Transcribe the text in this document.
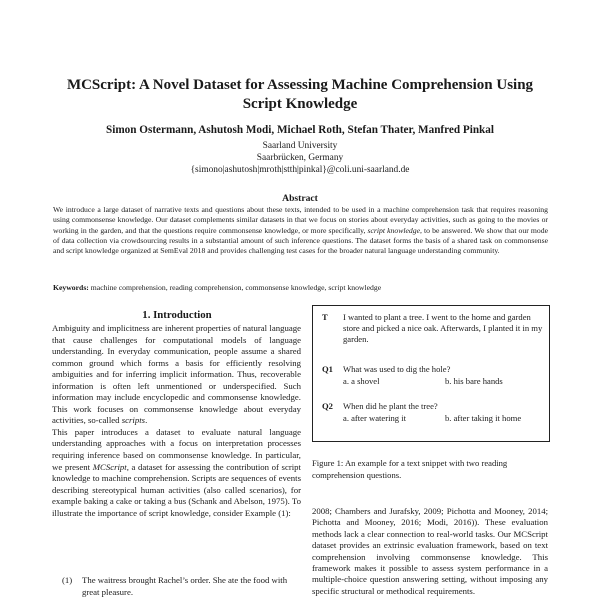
MCScript: A Novel Dataset for Assessing Machine Comprehension Using
Script Knowledge
Simon Ostermann, Ashutosh Modi, Michael Roth, Stefan Thater, Manfred Pinkal
Saarland University
Saarbrücken, Germany
{simono|ashutosh|mroth|stth|pinkal}@coli.uni-saarland.de
Abstract
We introduce a large dataset of narrative texts and questions about these texts, intended to be used in a machine comprehension task that requires reasoning using commonsense knowledge. Our dataset complements similar datasets in that we focus on stories about everyday activities, such as going to the movies or working in the garden, and that the questions require commonsense knowledge, or more specifically, script knowledge, to be answered. We show that our mode of data collection via crowdsourcing results in a substantial amount of such inference questions. The dataset forms the basis of a shared task on commonsense and script knowledge organized at SemEval 2018 and provides challenging test cases for the broader natural language understanding community.
Keywords: machine comprehension, reading comprehension, commonsense knowledge, script knowledge
1. Introduction

Ambiguity and implicitness are inherent properties of natural language that cause challenges for computational models of language understanding. In everyday communication, people assume a shared common ground which forms a basis for efficiently resolving ambiguities and for inferring implicit information. Thus, recoverable information is often left unmentioned or underspecified. Such information may include encyclopedic and commonsense knowledge. This work focuses on commonsense knowledge about everyday activities, so-called scripts.

This paper introduces a dataset to evaluate natural language understanding approaches with a focus on interpretation processes requiring inference based on commonsense knowledge. In particular, we present MCScript, a dataset for assessing the contribution of script knowledge to machine comprehension. Scripts are sequences of events describing stereotypical human activities (also called scenarios), for example baking a cake or taking a bus (Schank and Abelson, 1975). To illustrate the importance of script knowledge, consider Example (1):

(1) The waitress brought Rachel’s order. She ate the food with great pleasure.
T I wanted to plant a tree. I went to the home and garden store and picked a nice oak. Afterwards, I planted it in my garden.
Q1 What was used to dig the hole?
a. a shovel	b. his bare hands
Q2 When did he plant the tree?
a. after watering it	b. after taking it home
Figure 1: An example for a text snippet with two reading comprehension questions.
2008; Chambers and Jurafsky, 2009; Pichotta and Mooney, 2014; Pichotta and Mooney, 2016; Modi, 2016)). These evaluation methods lack a clear connection to real-world tasks. Our MCScript dataset provides an extrinsic evaluation framework, based on text comprehension involving commonsense knowledge. This framework makes it possible to assess system performance in a multiple-choice question answering setting, without imposing any specific structural or methodical requirements.
